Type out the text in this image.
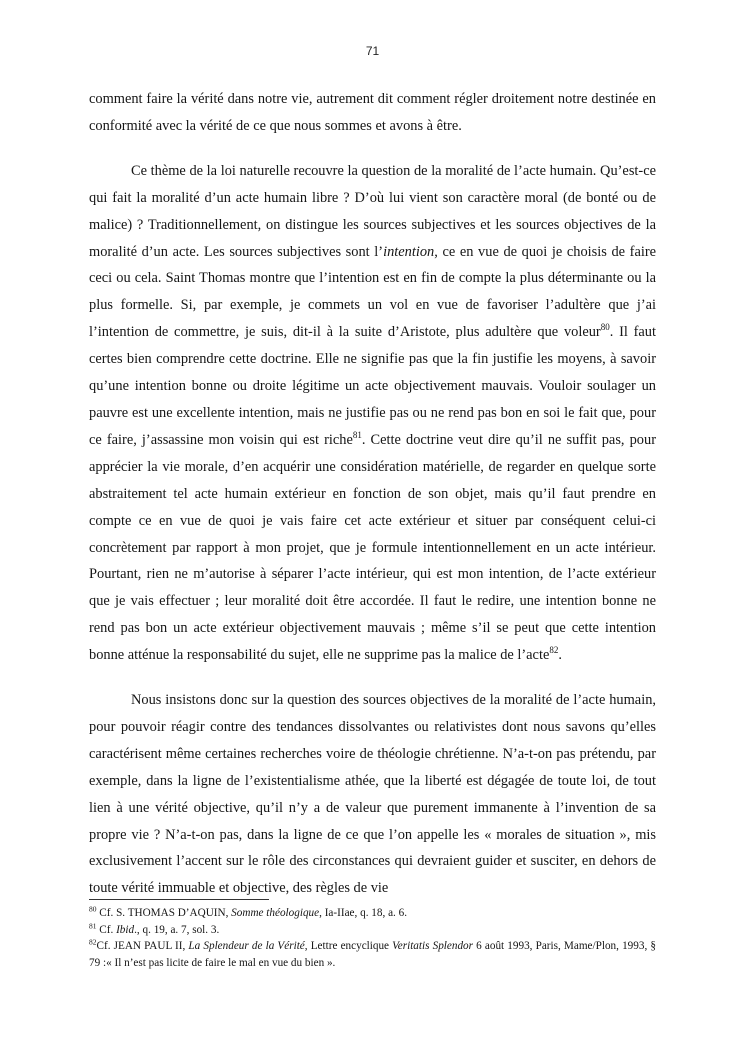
71

comment faire la vérité dans notre vie, autrement dit comment régler droitement notre destinée en conformité avec la vérité de ce que nous sommes et avons à être.

Ce thème de la loi naturelle recouvre la question de la moralité de l’acte humain. Qu’est-ce qui fait la moralité d’un acte humain libre ? D’où lui vient son caractère moral (de bonté ou de malice) ? Traditionnellement, on distingue les sources subjectives et les sources objectives de la moralité d’un acte. Les sources subjectives sont l’intention, ce en vue de quoi je choisis de faire ceci ou cela. Saint Thomas montre que l’intention est en fin de compte la plus déterminante ou la plus formelle. Si, par exemple, je commets un vol en vue de favoriser l’adultère que j’ai l’intention de commettre, je suis, dit-il à la suite d’Aristote, plus adultère que voleur$^{80}$. Il faut certes bien comprendre cette doctrine. Elle ne signifie pas que la fin justifie les moyens, à savoir qu’une intention bonne ou droite légitime un acte objectivement mauvais. Vouloir soulager un pauvre est une excellente intention, mais ne justifie pas ou ne rend pas bon en soi le fait que, pour ce faire, j’assassine mon voisin qui est riche$^{81}$. Cette doctrine veut dire qu’il ne suffit pas, pour apprécier la vie morale, d’en acquérir une considération matérielle, de regarder en quelque sorte abstraitement tel acte humain extérieur en fonction de son objet, mais qu’il faut prendre en compte ce en vue de quoi je vais faire cet acte extérieur et situer par conséquent celui-ci concrètement par rapport à mon projet, que je formule intentionnellement en un acte intérieur. Pourtant, rien ne m’autorise à séparer l’acte intérieur, qui est mon intention, de l’acte extérieur que je vais effectuer ; leur moralité doit être accordée. Il faut le redire, une intention bonne ne rend pas bon un acte extérieur objectivement mauvais ; même s’il se peut que cette intention bonne atténue la responsabilité du sujet, elle ne supprime pas la malice de l’acte$^{82}$.

Nous insistons donc sur la question des sources objectives de la moralité de l’acte humain, pour pouvoir réagir contre des tendances dissolvantes ou relativistes dont nous savons qu’elles caractérisent même certaines recherches voire de théologie chrétienne. N’a-t-on pas prétendu, par exemple, dans la ligne de l’existentialisme athée, que la liberté est dégagée de toute loi, de tout lien à une vérité objective, qu’il n’y a de valeur que purement immanente à l’invention de sa propre vie ? N’a-t-on pas, dans la ligne de ce que l’on appelle les « morales de situation », mis exclusivement l’accent sur le rôle des circonstances qui devraient guider et susciter, en dehors de toute vérité immuable et objective, des règles de vie

$^{80}$ Cf. S. THOMAS D’AQUIN, Somme théologique, Ia-IIae, q. 18, a. 6.

$^{81}$ Cf. Ibid., q. 19, a. 7, sol. 3.

$^{82}$Cf. JEAN PAUL II, La Splendeur de la Vérité, Lettre encyclique Veritatis Splendor 6 août 1993, Paris, Mame/Plon, 1993, § 79 :« Il n’est pas licite de faire le mal en vue du bien ».
